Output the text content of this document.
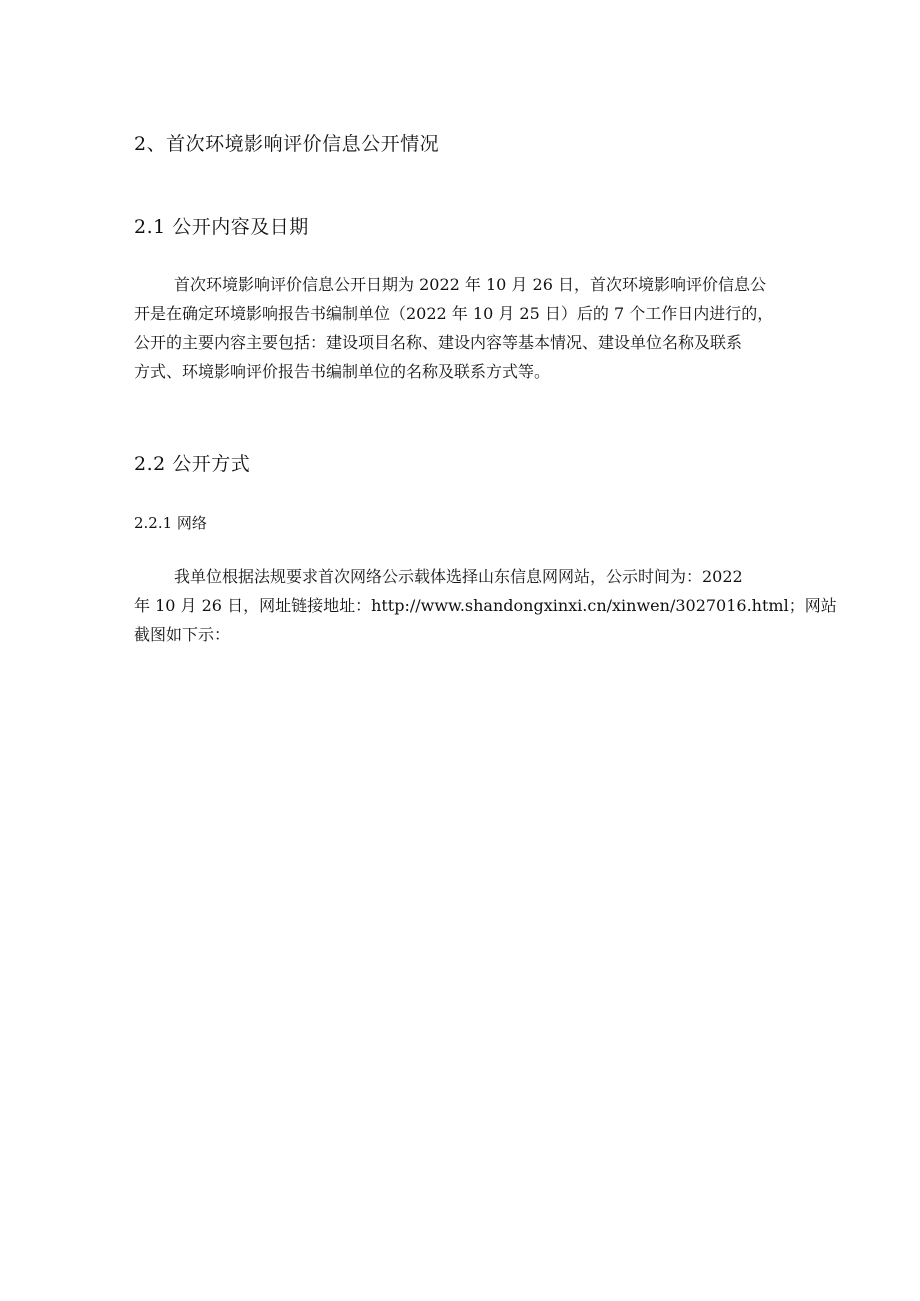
2、首次环境影响评价信息公开情况
2.1 公开内容及日期
首次环境影响评价信息公开日期为 2022 年 10 月 26 日，首次环境影响评价信息公
开是在确定环境影响报告书编制单位（2022 年 10 月 25 日）后的 7 个工作日内进行的，
公开的主要内容主要包括：建设项目名称、建设内容等基本情况、建设单位名称及联系
方式、环境影响评价报告书编制单位的名称及联系方式等。
2.2 公开方式
2.2.1 网络
我单位根据法规要求首次网络公示载体选择山东信息网网站，公示时间为：2022
年 10 月 26 日，网址链接地址：http://www.shandongxinxi.cn/xinwen/3027016.html；网站
截图如下示：
